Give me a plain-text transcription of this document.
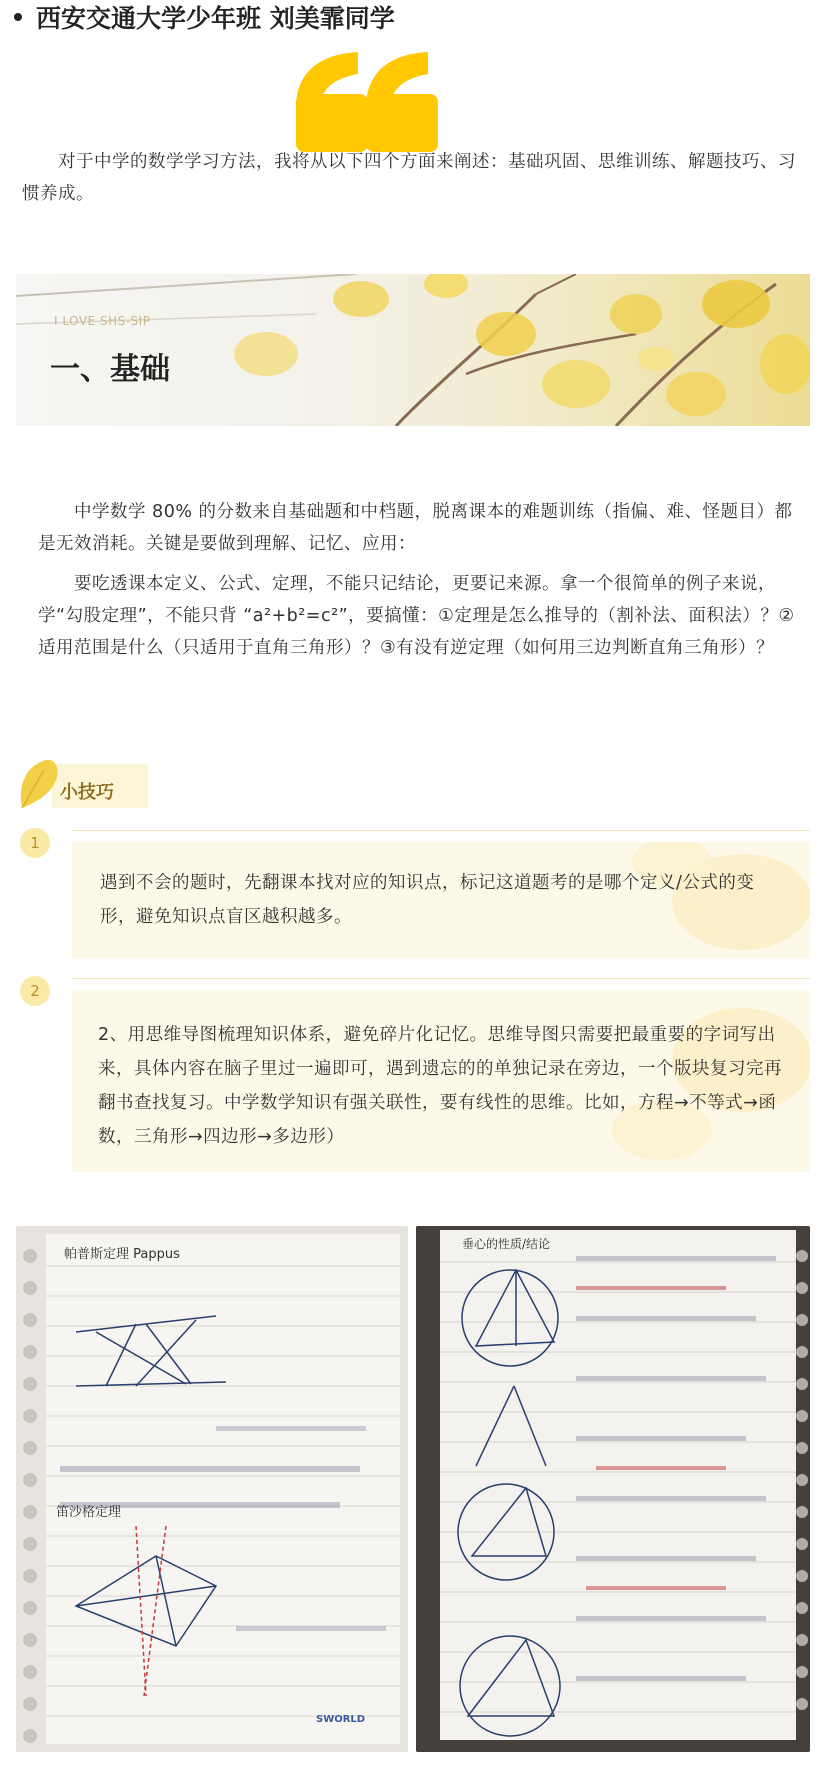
西安交通大学少年班 刘美霏同学
对于中学的数学学习方法，我将从以下四个方面来阐述：基础巩固、思维训练、解题技巧、习惯养成。
I LOVE SHS-SIP
一、基础
中学数学 80% 的分数来自基础题和中档题，脱离课本的难题训练（指偏、难、怪题目）都是无效消耗。关键是要做到理解、记忆、应用：
要吃透课本定义、公式、定理，不能只记结论，更要记来源。拿一个很简单的例子来说，学“勾股定理”，不能只背 “a²+b²=c²”，要搞懂：①定理是怎么推导的（割补法、面积法）？②适用范围是什么（只适用于直角三角形）？③有没有逆定理（如何用三边判断直角三角形）？
小技巧
1
遇到不会的题时，先翻课本找对应的知识点，标记这道题考的是哪个定义/公式的变形，避免知识点盲区越积越多。
2
2、用思维导图梳理知识体系，避免碎片化记忆。思维导图只需要把最重要的字词写出来，具体内容在脑子里过一遍即可，遇到遗忘的的单独记录在旁边，一个版块复习完再翻书查找复习。中学数学知识有强关联性，要有线性的思维。比如，方程→不等式→函数，三角形→四边形→多边形）
帕普斯定理 Pappus
笛沙格定理
SWORLD
垂心的性质/结论
